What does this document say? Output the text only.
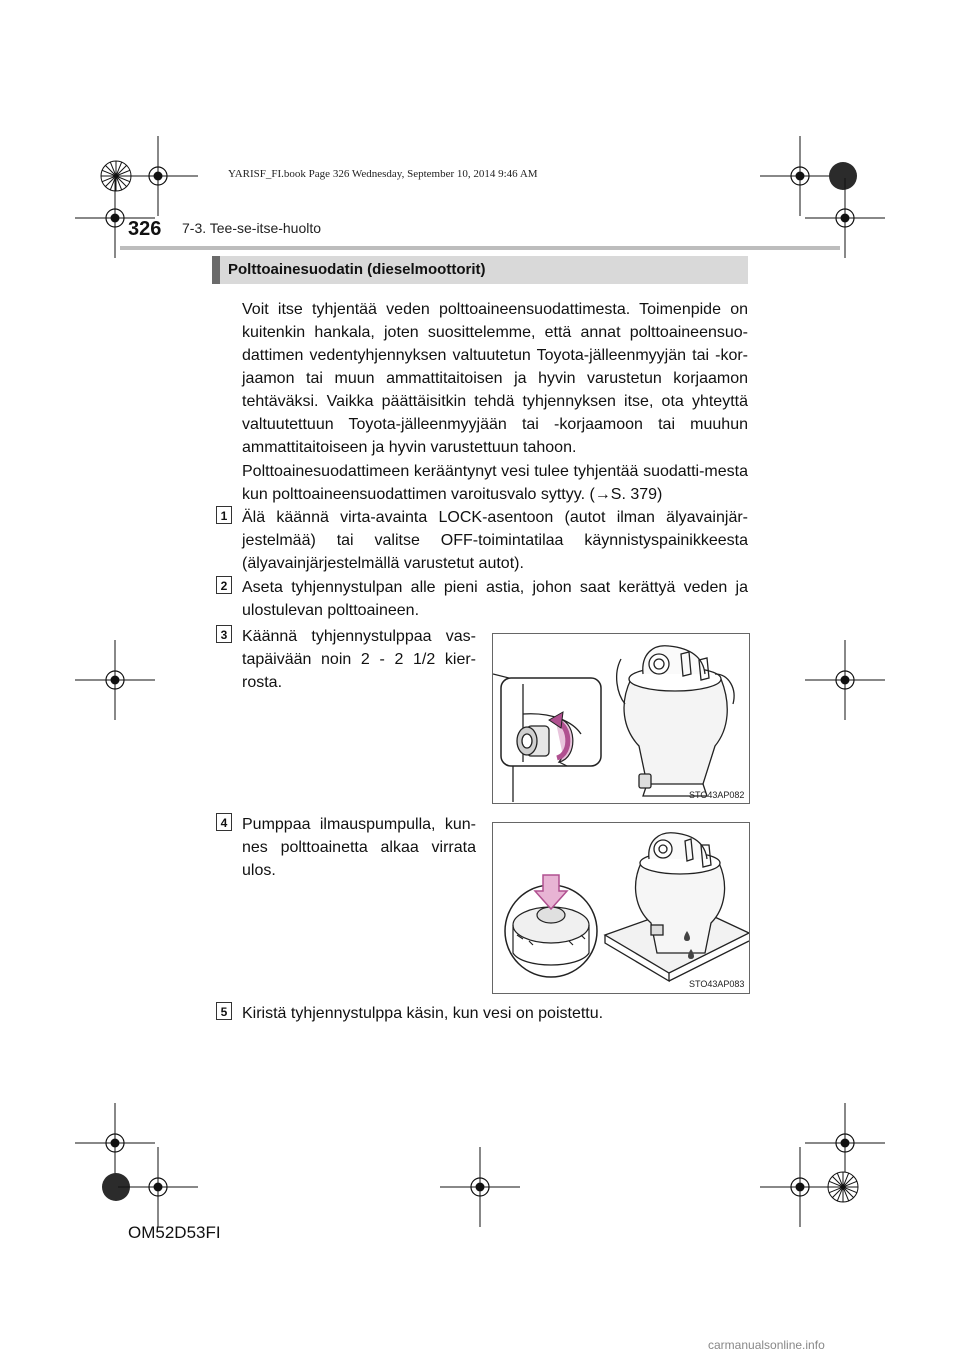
YARISF_FI.book Page 326 Wednesday, September 10, 2014 9:46 AM
326 7-3. Tee-se-itse-huolto
Polttoainesuodatin (dieselmoottorit)
Voit itse tyhjentää veden polttoaineensuodattimesta. Toimenpide on kuitenkin hankala, joten suosittelemme, että annat polttoaineensuo-dattimen vedentyhjennyksen valtuutetun Toyota-jälleenmyyjän tai -kor-jaamon tai muun ammattitaitoisen ja hyvin varustetun korjaamon tehtäväksi. Vaikka päättäisitkin tehdä tyhjennyksen itse, ota yhteyttä valtuutettuun Toyota-jälleenmyyjään tai -korjaamoon tai muuhun ammattitaitoiseen ja hyvin varustettuun tahoon.
Polttoainesuodattimeen kerääntynyt vesi tulee tyhjentää suodatti-mesta kun polttoaineensuodattimen varoitusvalo syttyy. (→S. 379)
1 Älä käännä virta-avainta LOCK-asentoon (autot ilman älyavainjär-jestelmää) tai valitse OFF-toimintatilaa käynnistyspainikkeesta (älyavainjärjestelmällä varustetut autot).
2 Aseta tyhjennystulpan alle pieni astia, johon saat kerättyä veden ja ulostulevan polttoaineen.
3 Käännä tyhjennystulppaa vas-tapäivään noin 2 - 2 1/2 kier-rosta.
STO43AP082
4 Pumppaa ilmauspumpulla, kun-nes polttoainetta alkaa virrata ulos.
STO43AP083
5 Kiristä tyhjennystulppa käsin, kun vesi on poistettu.
OM52D53FI
carmanualsonline.info
